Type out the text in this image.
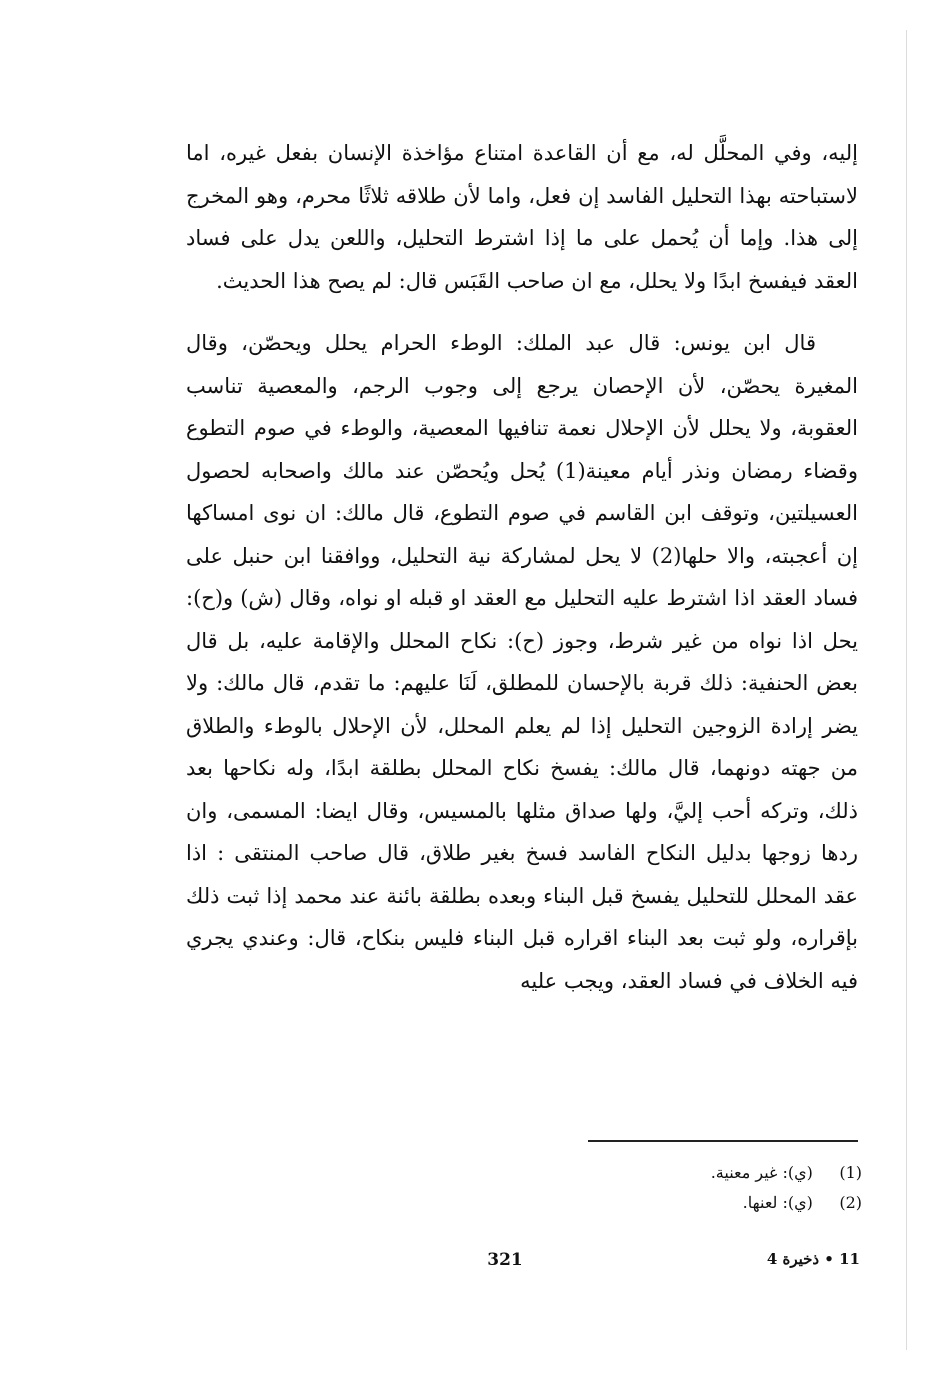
إليه، وفي المحلَّل له، مع أن القاعدة امتناع مؤاخذة الإنسان بفعل غيره، اما لاستباحته بهذا التحليل الفاسد إن فعل، واما لأن طلاقه ثلاثًا محرم، وهو المخرج إلى هذا. وإما أن يُحمل على ما إذا اشترط التحليل، واللعن يدل على فساد العقد فيفسخ ابدًا ولا يحلل، مع ان صاحب القَبَس قال: لم يصح هذا الحديث.

قال ابن يونس: قال عبد الملك: الوطء الحرام يحلل ويحصّن، وقال المغيرة يحصّن، لأن الإحصان يرجع إلى وجوب الرجم، والمعصية تناسب العقوبة، ولا يحلل لأن الإحلال نعمة تنافيها المعصية، والوطء في صوم التطوع وقضاء رمضان ونذر أيام معينة(1) يُحل ويُحصّن عند مالك واصحابه لحصول العسيلتين، وتوقف ابن القاسم في صوم التطوع، قال مالك: ان نوى امساكها إن أعجبته، والا حلها(2) لا يحل لمشاركة نية التحليل، ووافقنا ابن حنبل على فساد العقد اذا اشترط عليه التحليل مع العقد او قبله او نواه، وقال (ش) و(ح): يحل اذا نواه من غير شرط، وجوز (ح): نكاح المحلل والإقامة عليه، بل قال بعض الحنفية: ذلك قربة بالإحسان للمطلق، لَنَا عليهم: ما تقدم، قال مالك: ولا يضر إرادة الزوجين التحليل إذا لم يعلم المحلل، لأن الإحلال بالوطء والطلاق من جهته دونهما، قال مالك: يفسخ نكاح المحلل بطلقة ابدًا، وله نكاحها بعد ذلك، وتركه أحب إليَّ، ولها صداق مثلها بالمسيس، وقال ايضا: المسمى، وان ردها زوجها بدليل النكاح الفاسد فسخ بغير طلاق، قال صاحب المنتقى : اذا عقد المحلل للتحليل يفسخ قبل البناء وبعده بطلقة بائنة عند محمد إذا ثبت ذلك بإقراره، ولو ثبت بعد البناء اقراره قبل البناء فليس بنكاح، قال: وعندي يجري فيه الخلاف في فساد العقد، ويجب عليه

(1) (ي): غير معنية.

(2) (ي): لعنها.

321	11 • ذخيرة 4
